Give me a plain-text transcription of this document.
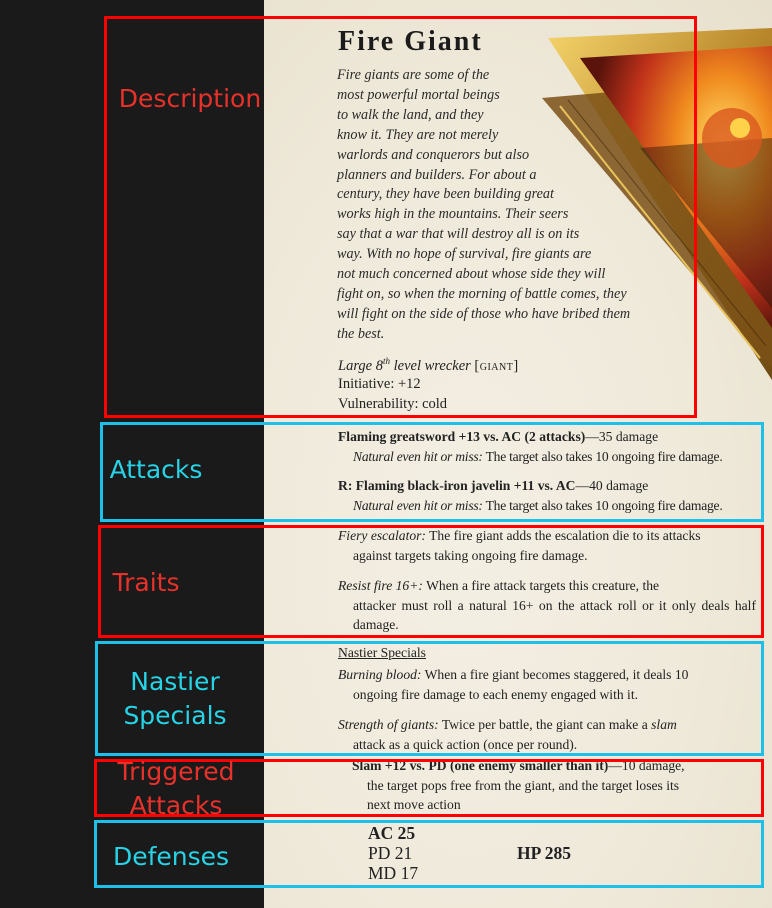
Fire Giant
Fire giants are some of the
most powerful mortal beings
to walk the land, and they
know it. They are not merely
warlords and conquerors but also
planners and builders. For about a
century, they have been building great
works high in the mountains. Their seers
say that a war that will destroy all is on its
way. With no hope of survival, fire giants are
not much concerned about whose side they will
fight on, so when the morning of battle comes, they
will fight on the side of those who have bribed them
the best.
Large 8th level wrecker [giant]
Initiative: +12
Vulnerability: cold
Flaming greatsword +13 vs. AC (2 attacks)—35 damage
Natural even hit or miss: The target also takes 10 ongoing fire damage.
R: Flaming black-iron javelin +11 vs. AC—40 damage
Natural even hit or miss: The target also takes 10 ongoing fire damage.
Fiery escalator: The fire giant adds the escalation die to its attacks
against targets taking ongoing fire damage.
Resist fire 16+: When a fire attack targets this creature, the
attacker must roll a natural 16+ on the attack roll or it only deals half damage.
Nastier Specials
Burning blood: When a fire giant becomes staggered, it deals 10
ongoing fire damage to each enemy engaged with it.
Strength of giants: Twice per battle, the giant can make a slam
attack as a quick action (once per round).
Slam +12 vs. PD (one enemy smaller than it)—10 damage,
the target pops free from the giant, and the target loses its
next move action
AC 25
PD 21
MD 17
HP 285
Description
Attacks
Traits
Nastier
Specials
Triggered
Attacks
Defenses
